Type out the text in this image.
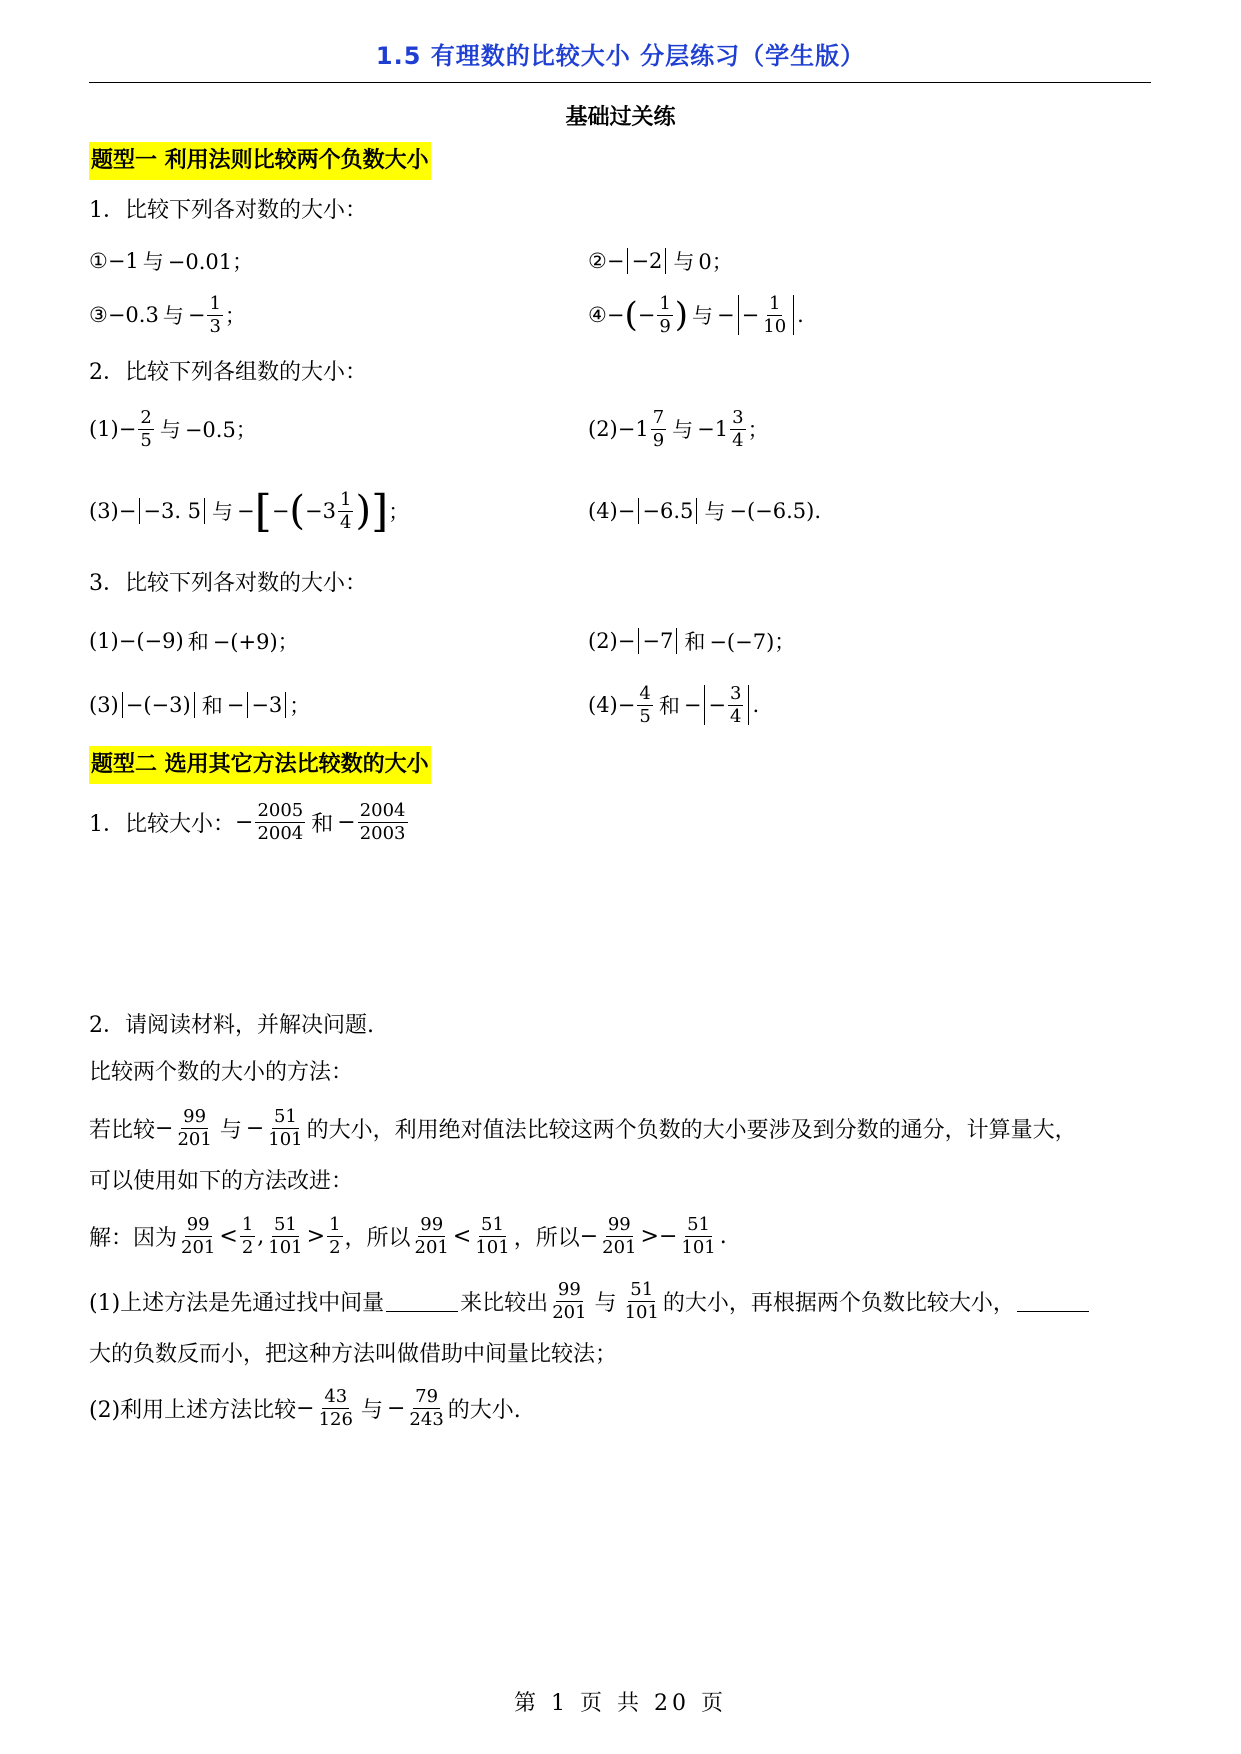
1.5 有理数的比较大小 分层练习（学生版）
基础过关练
题型一 利用法则比较两个负数大小
1．比较下列各对数的大小：
① −1 与 −0.01；	② − −2 与 0；
③ −0.3 与 − $\frac{1}{3}$ ；	④ − ( − $\frac{1}{9}$ ) 与 − − $\frac{1}{10}$ .
2．比较下列各组数的大小：
$(1) - \frac{2}{5}$ 与 −0.5；	$(2) -1 \frac{7}{9}$ 与 $-1 \frac{3}{4}$ ；
(3) − −3. 5 与 − [ − ( $-3 \frac{1}{4}$ ) ] ；	(4) − −6.5 与 −(−6.5).
3．比较下列各对数的大小：
(1) −(−9) 和 −(+9)；	(2) − −7 和 −(−7)；
(3) −(−3) 和 − −3 ；	$(4) - \frac{4}{5}$ 和 − − $\frac{3}{4}$ .
题型二 选用其它方法比较数的大小
1．比较大小： − $\frac{2005}{2004}$ 和 − $\frac{2004}{2003}$
2．请阅读材料，并解决问题.
比较两个数的大小的方法：
若比较 − $\frac{99}{201}$ 与 − $\frac{51}{101}$ 的大小，利用绝对值法比较这两个负数的大小要涉及到分数的通分，计算量大，
可以使用如下的方法改进：
解：因为 $\frac{99}{201} < \frac{1}{2}$ , $\frac{51}{101} > \frac{1}{2}$ ，所以 $\frac{99}{201} < \frac{51}{101}$ ，所以 − $\frac{99}{201}$ > − $\frac{51}{101}$ .
(1)上述方法是先通过找中间量	来比较出 $\frac{99}{201}$ 与 $\frac{51}{101}$ 的大小，再根据两个负数比较大小，
大的负数反而小，把这种方法叫做借助中间量比较法；
(2)利用上述方法比较 − $\frac{43}{126}$ 与 − $\frac{79}{243}$ 的大小.
第 1 页 共 20 页
